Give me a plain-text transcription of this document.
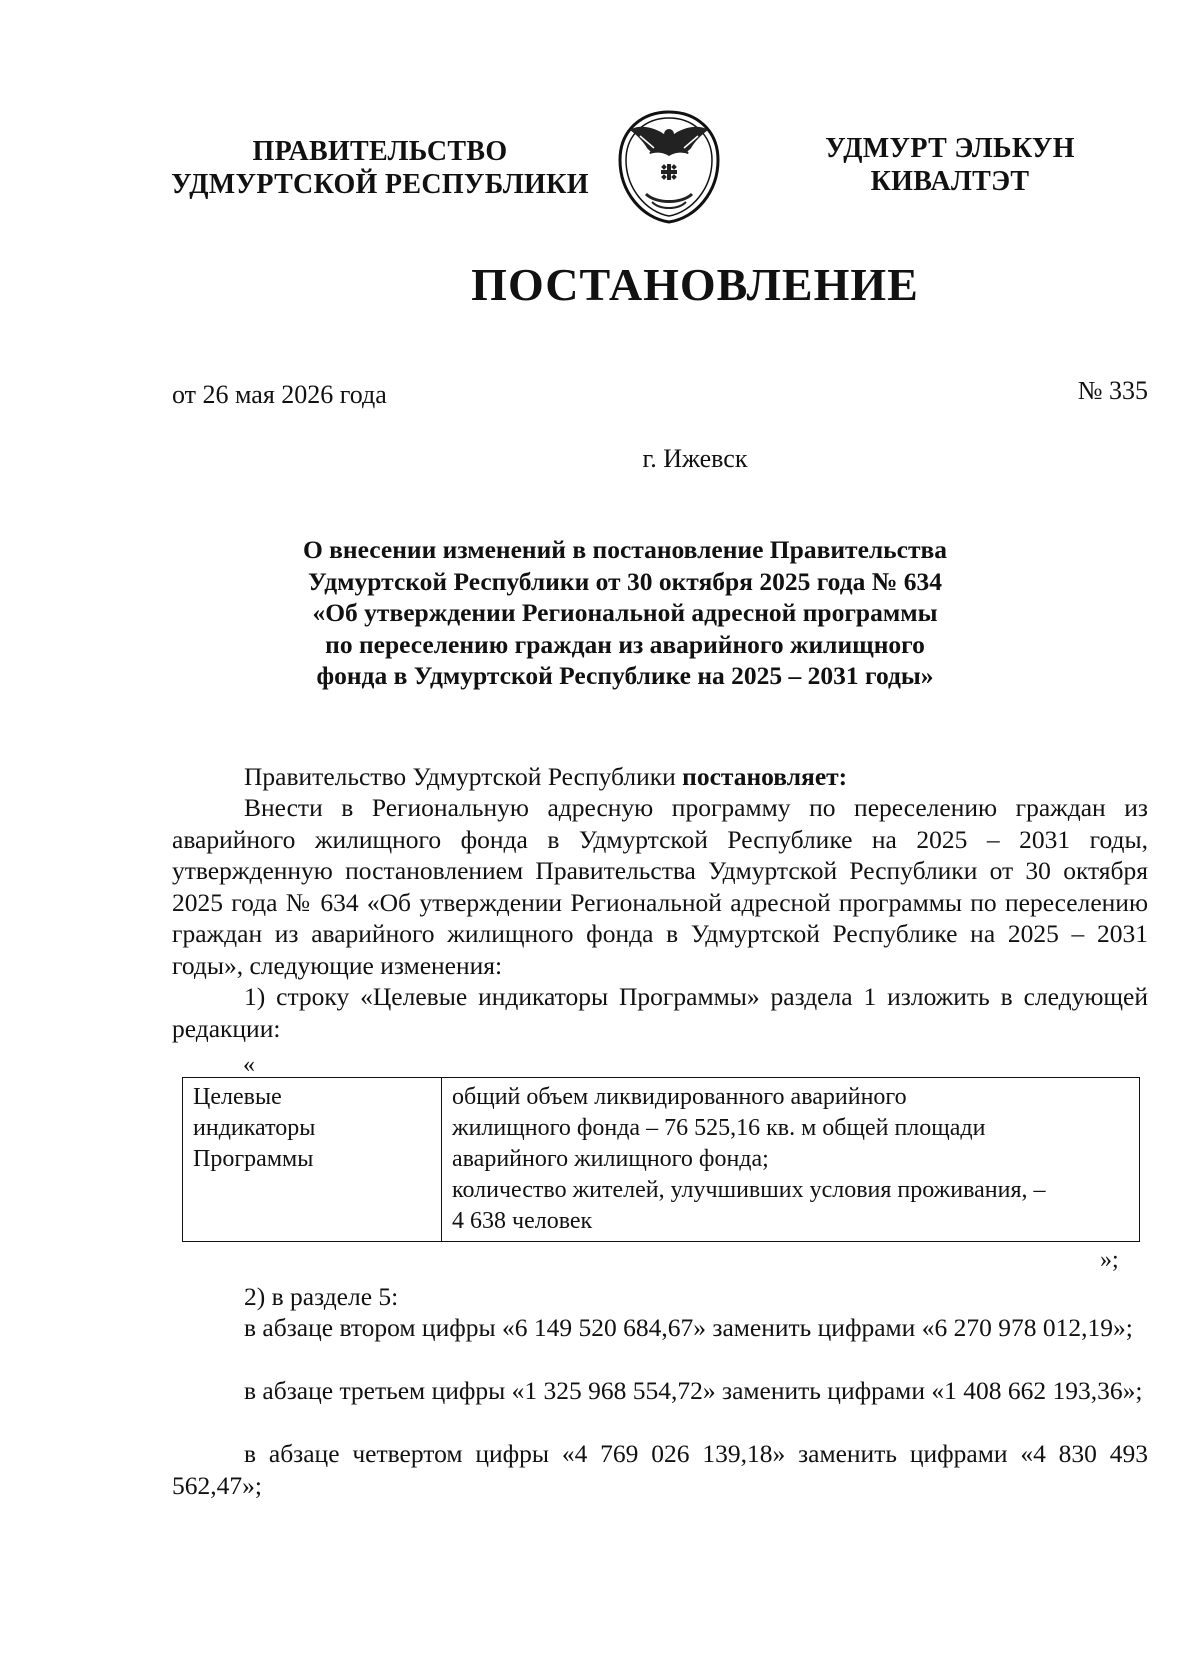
ПРАВИТЕЛЬСТВО
УДМУРТСКОЙ РЕСПУБЛИКИ
УДМУРТ ЭЛЬКУН
КИВАЛТЭТ
ПОСТАНОВЛЕНИЕ
от 26 мая 2026 года	№ 335
г. Ижевск
О внесении изменений в постановление Правительства
Удмуртской Республики от 30 октября 2025 года № 634
«Об утверждении Региональной адресной программы
по переселению граждан из аварийного жилищного
фонда в Удмуртской Республике на 2025 – 2031 годы»

Правительство Удмуртской Республики постановляет:

Внести в Региональную адресную программу по переселению граждан из аварийного жилищного фонда в Удмуртской Республике на 2025 – 2031 годы, утвержденную постановлением Правительства Удмуртской Республики от 30 октября 2025 года № 634 «Об утверждении Региональной адресной программы по переселению граждан из аварийного жилищного фонда в Удмуртской Республике на 2025 – 2031 годы», следующие изменения:

1) строку «Целевые индикаторы Программы» раздела 1 изложить в следующей редакции:

«
Целевые
индикаторы
Программы

общий объем ликвидированного аварийного
жилищного фонда – 76 525,16 кв. м общей площади
аварийного жилищного фонда;
количество жителей, улучшивших условия проживания, –
4 638 человек
»;

2) в разделе 5:

в абзаце втором цифры «6 149 520 684,67» заменить цифрами «6 270 978 012,19»;

в абзаце третьем цифры «1 325 968 554,72» заменить цифрами «1 408 662 193,36»;

в абзаце четвертом цифры «4 769 026 139,18» заменить цифрами «4 830 493 562,47»;
